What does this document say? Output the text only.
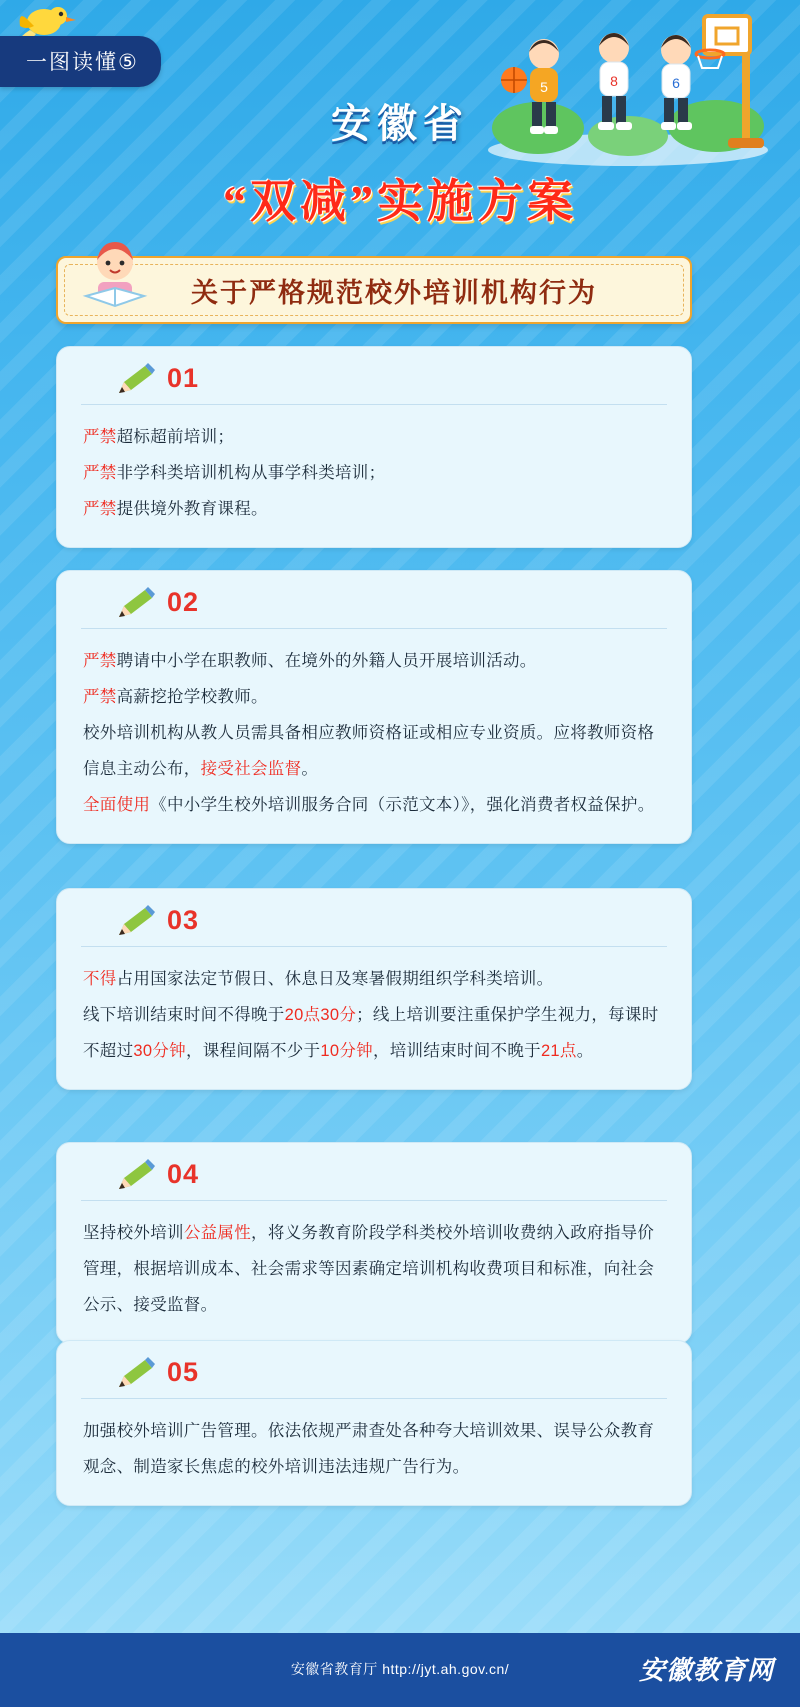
一图读懂⑤
5	8	6
安徽省
“双减”实施方案
关于严格规范校外培训机构行为
01

严禁超标超前培训；

严禁非学科类培训机构从事学科类培训；

严禁提供境外教育课程。

02

严禁聘请中小学在职教师、在境外的外籍人员开展培训活动。

严禁高薪挖抢学校教师。

校外培训机构从教人员需具备相应教师资格证或相应专业资质。应将教师资格信息主动公布，接受社会监督。

全面使用《中小学生校外培训服务合同（示范文本）》，强化消费者权益保护。

03

不得占用国家法定节假日、休息日及寒暑假期组织学科类培训。

线下培训结束时间不得晚于20点30分；线上培训要注重保护学生视力，每课时不超过30分钟，课程间隔不少于10分钟，培训结束时间不晚于21点。

04

坚持校外培训公益属性，将义务教育阶段学科类校外培训收费纳入政府指导价管理，根据培训成本、社会需求等因素确定培训机构收费项目和标准，向社会公示、接受监督。

05

加强校外培训广告管理。依法依规严肃查处各种夸大培训效果、误导公众教育观念、制造家长焦虑的校外培训违法违规广告行为。

安徽省教育厅 http://jyt.ah.gov.cn/	安徽教育网
